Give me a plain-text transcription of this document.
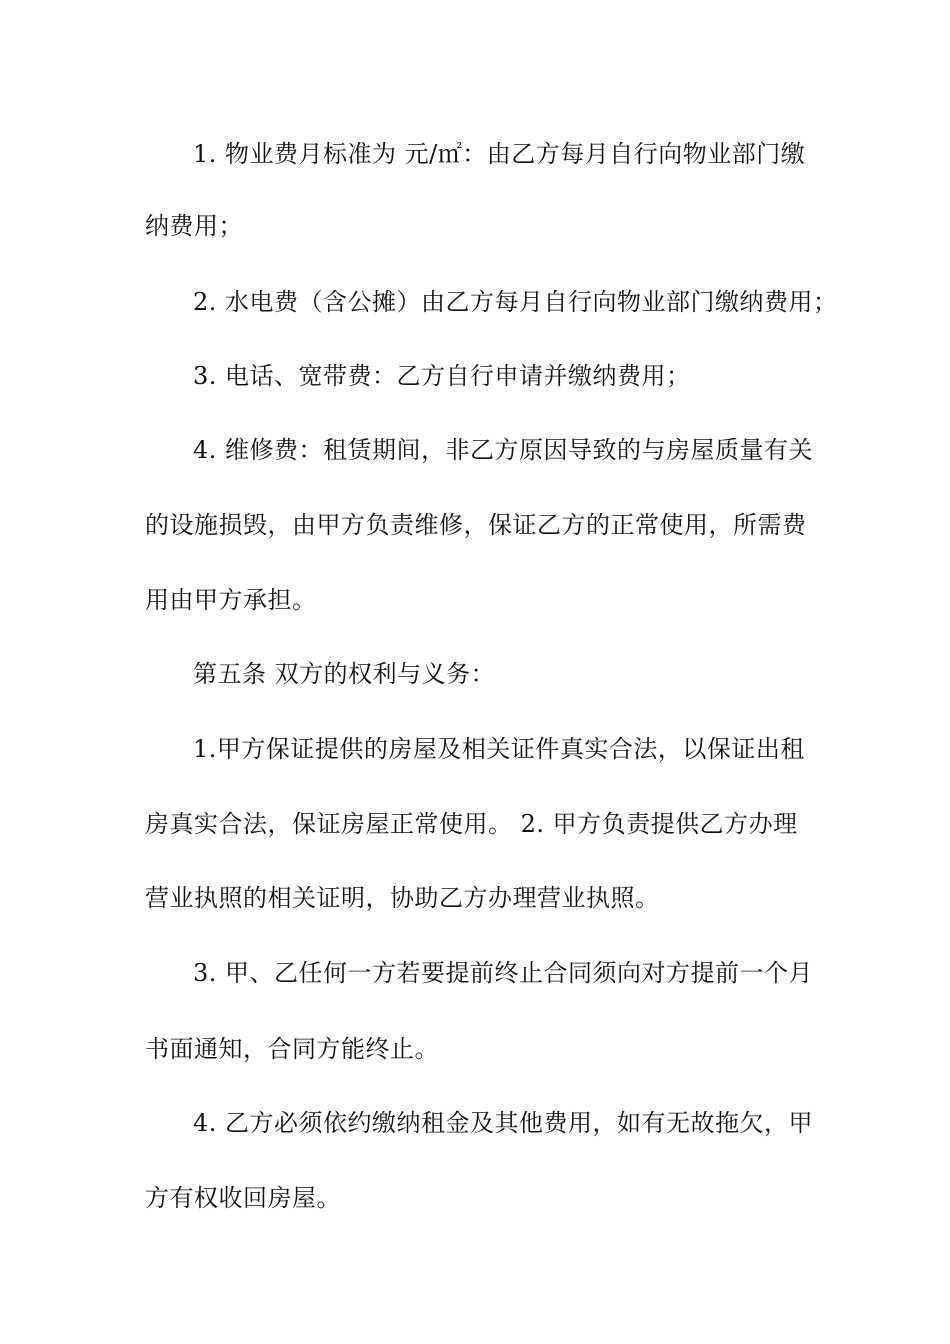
1. 物业费月标准为 元/㎡：由乙方每月自行向物业部门缴
纳费用；
2. 水电费（含公摊）由乙方每月自行向物业部门缴纳费用；
3. 电话、宽带费：乙方自行申请并缴纳费用；
4. 维修费：租赁期间，非乙方原因导致的与房屋质量有关
的设施损毁，由甲方负责维修，保证乙方的正常使用，所需费
用由甲方承担。
第五条 双方的权利与义务：
1.甲方保证提供的房屋及相关证件真实合法，以保证出租
房真实合法，保证房屋正常使用。 2. 甲方负责提供乙方办理
营业执照的相关证明，协助乙方办理营业执照。
3. 甲、乙任何一方若要提前终止合同须向对方提前一个月
书面通知，合同方能终止。
4. 乙方必须依约缴纳租金及其他费用，如有无故拖欠，甲
方有权收回房屋。
